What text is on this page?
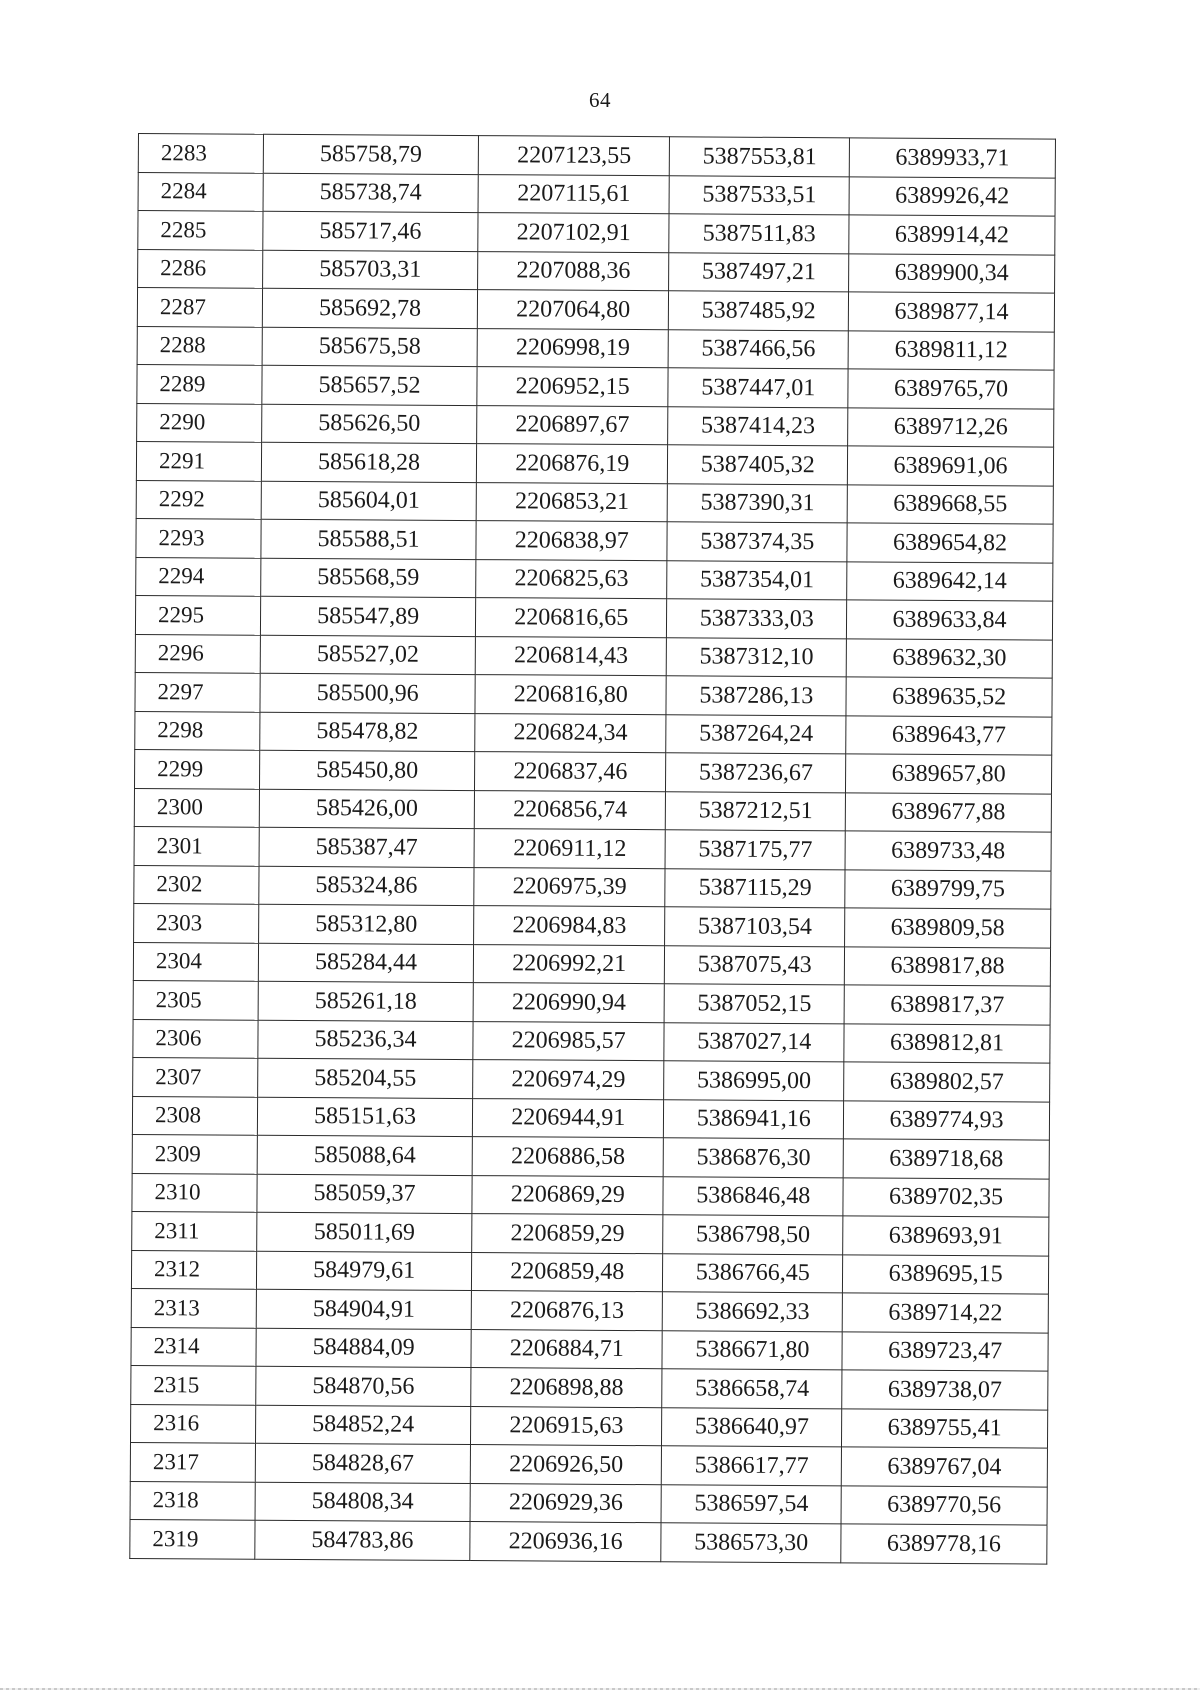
64
2283	585758,79	2207123,55	5387553,81	6389933,71
2284	585738,74	2207115,61	5387533,51	6389926,42
2285	585717,46	2207102,91	5387511,83	6389914,42
2286	585703,31	2207088,36	5387497,21	6389900,34
2287	585692,78	2207064,80	5387485,92	6389877,14
2288	585675,58	2206998,19	5387466,56	6389811,12
2289	585657,52	2206952,15	5387447,01	6389765,70
2290	585626,50	2206897,67	5387414,23	6389712,26
2291	585618,28	2206876,19	5387405,32	6389691,06
2292	585604,01	2206853,21	5387390,31	6389668,55
2293	585588,51	2206838,97	5387374,35	6389654,82
2294	585568,59	2206825,63	5387354,01	6389642,14
2295	585547,89	2206816,65	5387333,03	6389633,84
2296	585527,02	2206814,43	5387312,10	6389632,30
2297	585500,96	2206816,80	5387286,13	6389635,52
2298	585478,82	2206824,34	5387264,24	6389643,77
2299	585450,80	2206837,46	5387236,67	6389657,80
2300	585426,00	2206856,74	5387212,51	6389677,88
2301	585387,47	2206911,12	5387175,77	6389733,48
2302	585324,86	2206975,39	5387115,29	6389799,75
2303	585312,80	2206984,83	5387103,54	6389809,58
2304	585284,44	2206992,21	5387075,43	6389817,88
2305	585261,18	2206990,94	5387052,15	6389817,37
2306	585236,34	2206985,57	5387027,14	6389812,81
2307	585204,55	2206974,29	5386995,00	6389802,57
2308	585151,63	2206944,91	5386941,16	6389774,93
2309	585088,64	2206886,58	5386876,30	6389718,68
2310	585059,37	2206869,29	5386846,48	6389702,35
2311	585011,69	2206859,29	5386798,50	6389693,91
2312	584979,61	2206859,48	5386766,45	6389695,15
2313	584904,91	2206876,13	5386692,33	6389714,22
2314	584884,09	2206884,71	5386671,80	6389723,47
2315	584870,56	2206898,88	5386658,74	6389738,07
2316	584852,24	2206915,63	5386640,97	6389755,41
2317	584828,67	2206926,50	5386617,77	6389767,04
2318	584808,34	2206929,36	5386597,54	6389770,56
2319	584783,86	2206936,16	5386573,30	6389778,16
